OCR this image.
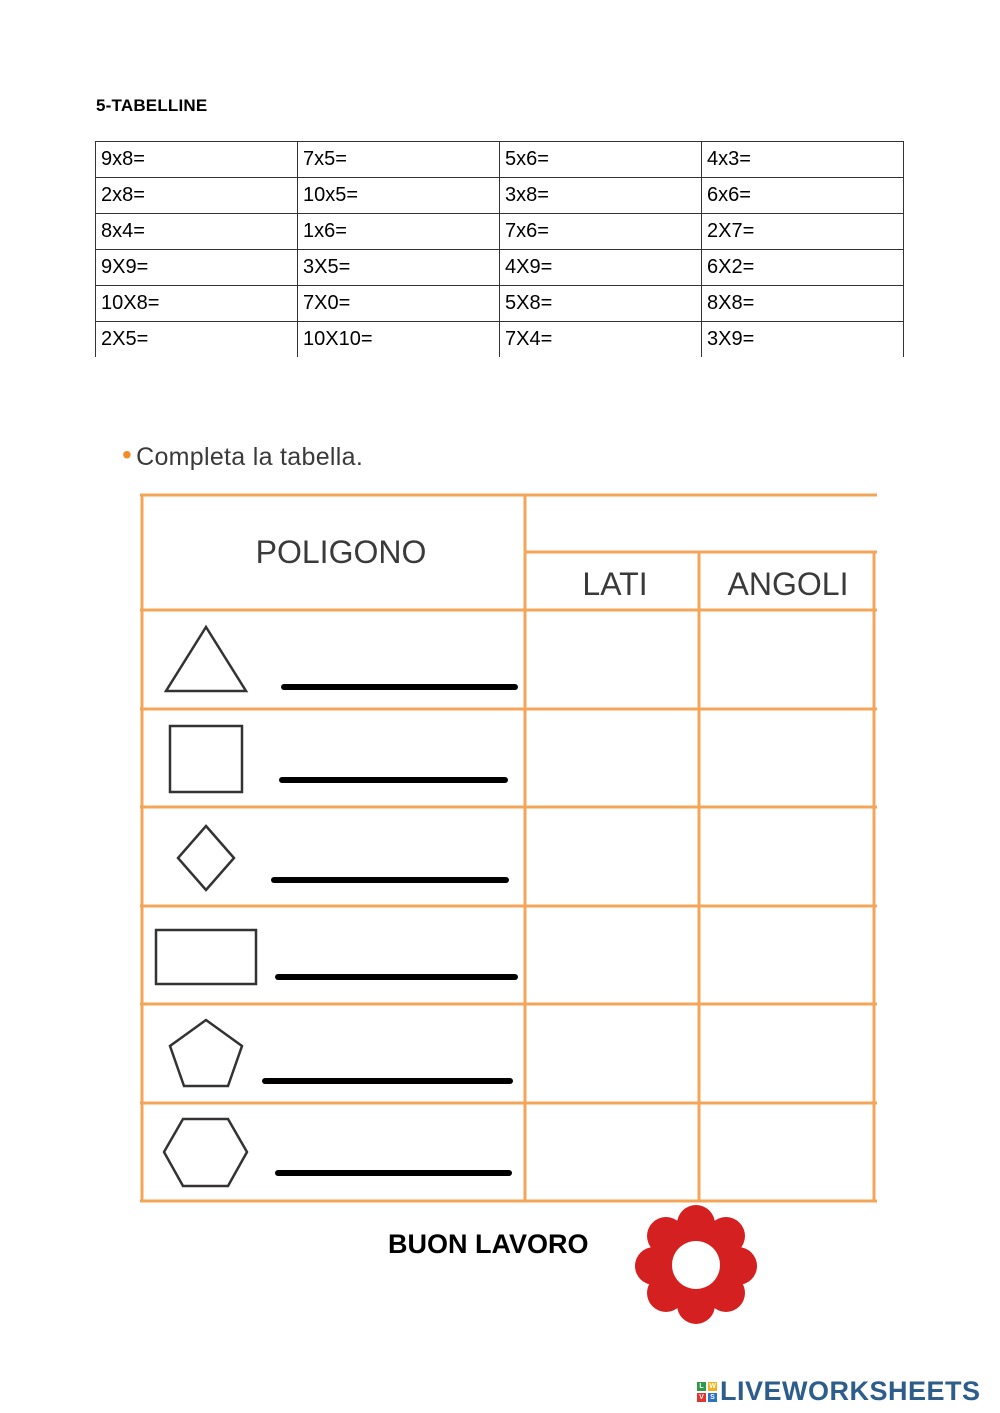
5-TABELLINE
9x8=	7x5=	5x6=	4x3=
2x8=	10x5=	3x8=	6x6=
8x4=	1x6=	7x6=	2X7=
9X9=	3X5=	4X9=	6X2=
10X8=	7X0=	5X8=	8X8=
2X5=	10X10=	7X4=	3X9=
• Completa la tabella.
POLIGONO
LATI ANGOLI
BUON LAVORO
L W
V S LIVEWORKSHEETS
